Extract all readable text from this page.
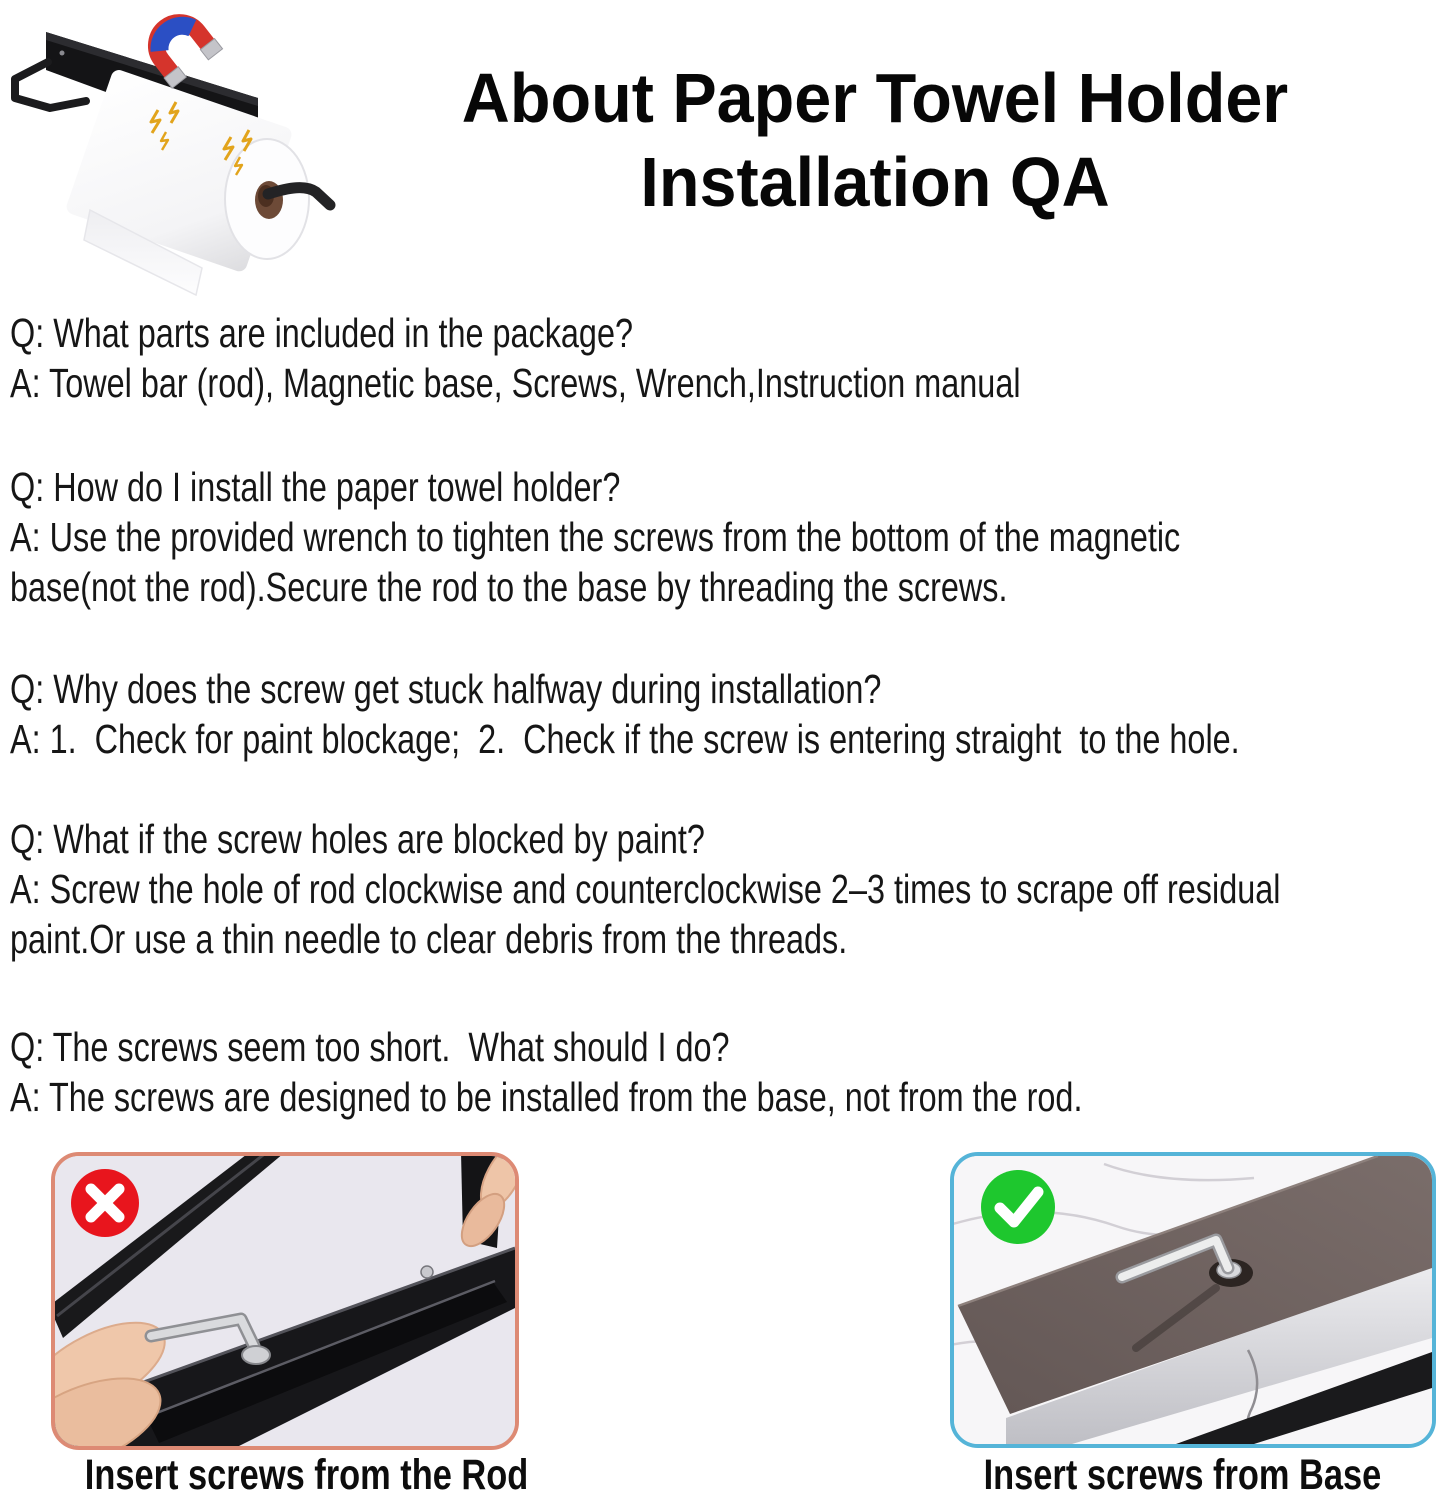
About Paper Towel Holder
Installation QA
Q: What parts are included in the package?
A: Towel bar (rod), Magnetic base, Screws, Wrench,Instruction manual
Q: How do I install the paper towel holder?
A: Use the provided wrench to tighten the screws from the bottom of the magnetic
base(not the rod).Secure the rod to the base by threading the screws.
Q: Why does the screw get stuck halfway during installation?
A: 1.  Check for paint blockage;  2.  Check if the screw is entering straight  to the hole.
Q: What if the screw holes are blocked by paint?
A: Screw the hole of rod clockwise and counterclockwise 2–3 times to scrape off residual
paint.Or use a thin needle to clear debris from the threads.
Q: The screws seem too short.  What should I do?
A: The screws are designed to be installed from the base, not from the rod.

Insert screws from the Rod	Insert screws from Base
